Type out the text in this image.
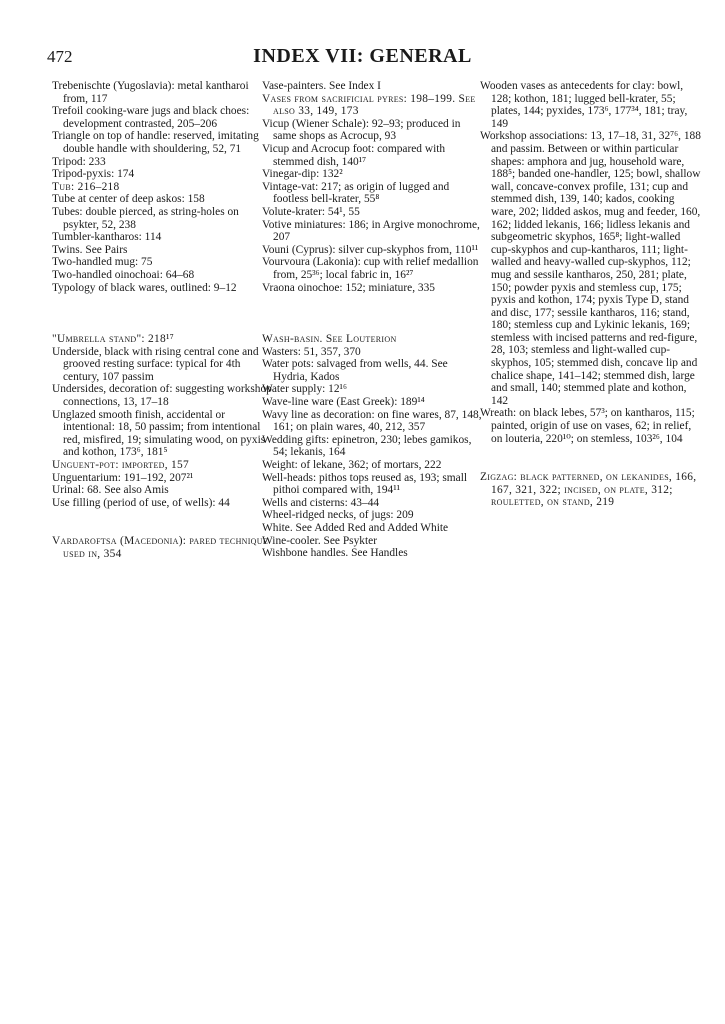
472	INDEX VII: GENERAL

Trebenischte (Yugoslavia): metal kantharoi from, 117

Trefoil cooking-ware jugs and black choes: development contrasted, 205–206

Triangle on top of handle: reserved, imitating double handle with shouldering, 52, 71

Tripod: 233

Tripod-pyxis: 174

Tub: 216–218

Tube at center of deep askos: 158

Tubes: double pierced, as string-holes on psykter, 52, 238

Tumbler-kantharos: 114

Twins. See Pairs

Two-handled mug: 75

Two-handled oinochoai: 64–68

Typology of black wares, outlined: 9–12

"Umbrella stand": 218¹⁷

Underside, black with rising central cone and grooved resting surface: typical for 4th century, 107 passim

Undersides, decoration of: suggesting workshop connections, 13, 17–18

Unglazed smooth finish, accidental or intentional: 18, 50 passim; from intentional red, misfired, 19; simulating wood, on pyxis and kothon, 173⁶, 181⁵

Unguent-pot: imported, 157

Unguentarium: 191–192, 207²¹

Urinal: 68. See also Amis

Use filling (period of use, of wells): 44

Vardaroftsa (Macedonia): pared technique used in, 354

Vase-painters. See Index I

Vases from sacrificial pyres: 198–199. See also 33, 149, 173

Vicup (Wiener Schale): 92–93; produced in same shops as Acrocup, 93

Vicup and Acrocup foot: compared with stemmed dish, 140¹⁷

Vinegar-dip: 132²

Vintage-vat: 217; as origin of lugged and footless bell-krater, 55⁸

Volute-krater: 54¹, 55

Votive miniatures: 186; in Argive monochrome, 207

Vouni (Cyprus): silver cup-skyphos from, 110¹¹

Vourvoura (Lakonia): cup with relief medallion from, 25³⁶; local fabric in, 16²⁷

Vraona oinochoe: 152; miniature, 335

Wash-basin. See Louterion

Wasters: 51, 357, 370

Water pots: salvaged from wells, 44. See Hydria, Kados

Water supply: 12¹⁶

Wave-line ware (East Greek): 189¹⁴

Wavy line as decoration: on fine wares, 87, 148, 161; on plain wares, 40, 212, 357

Wedding gifts: epinetron, 230; lebes gamikos, 54; lekanis, 164

Weight: of lekane, 362; of mortars, 222

Well-heads: pithos tops reused as, 193; small pithoi compared with, 194¹¹

Wells and cisterns: 43–44

Wheel-ridged necks, of jugs: 209

White. See Added Red and Added White

Wine-cooler. See Psykter

Wishbone handles. See Handles

Wooden vases as antecedents for clay: bowl, 128; kothon, 181; lugged bell-krater, 55; plates, 144; pyxides, 173⁶, 177³⁴, 181; tray, 149

Workshop associations: 13, 17–18, 31, 32⁷⁶, 188 and passim. Between or within particular shapes: amphora and jug, household ware, 188⁵; banded one-handler, 125; bowl, shallow wall, concave-convex profile, 131; cup and stemmed dish, 139, 140; kados, cooking ware, 202; lidded askos, mug and feeder, 160, 162; lidded lekanis, 166; lidless lekanis and subgeometric skyphos, 165⁸; light-walled cup-skyphos and cup-kantharos, 111; light-walled and heavy-walled cup-skyphos, 112; mug and sessile kantharos, 250, 281; plate, 150; powder pyxis and stemless cup, 175; pyxis and kothon, 174; pyxis Type D, stand and disc, 177; sessile kantharos, 116; stand, 180; stemless cup and Lykinic lekanis, 169; stemless with incised patterns and red-figure, 28, 103; stemless and light-walled cup-skyphos, 105; stemmed dish, concave lip and chalice shape, 141–142; stemmed dish, large and small, 140; stemmed plate and kothon, 142

Wreath: on black lebes, 57³; on kantharos, 115; painted, origin of use on vases, 62; in relief, on louteria, 220¹⁰; on stemless, 103²⁶, 104

Zigzag: black patterned, on lekanides, 166, 167, 321, 322; incised, on plate, 312; rouletted, on stand, 219
